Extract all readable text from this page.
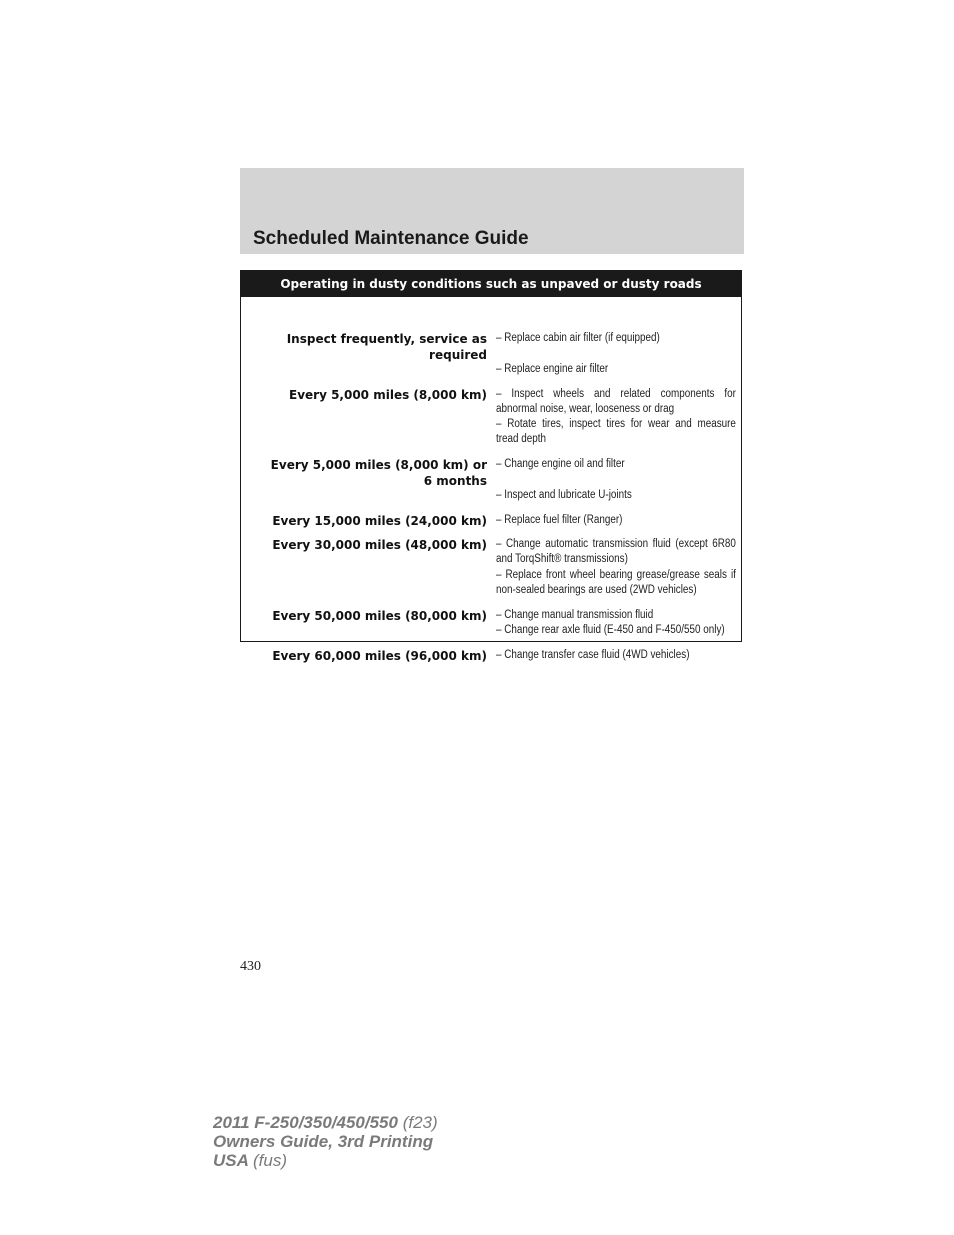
Scheduled Maintenance Guide
Operating in dusty conditions such as unpaved or dusty roads
Inspect frequently, service as
required
– Replace cabin air filter (if equipped)
– Replace engine air filter
Every 5,000 miles (8,000 km) – Inspect wheels and related components for abnormal noise, wear, looseness or drag
– Rotate tires, inspect tires for wear and measure tread depth
Every 5,000 miles (8,000 km) or
6 months
– Change engine oil and filter
– Inspect and lubricate U-joints
Every 15,000 miles (24,000 km) – Replace fuel filter (Ranger)
Every 30,000 miles (48,000 km) – Change automatic transmission fluid (except 6R80 and TorqShift® transmissions)
– Replace front wheel bearing grease/grease seals if non-sealed bearings are used (2WD vehicles)
Every 50,000 miles (80,000 km) – Change manual transmission fluid
– Change rear axle fluid (E-450 and F-450/550 only)
Every 60,000 miles (96,000 km) – Change transfer case fluid (4WD vehicles)
430
2011 F-250/350/450/550 (f23)
Owners Guide, 3rd Printing
USA (fus)
